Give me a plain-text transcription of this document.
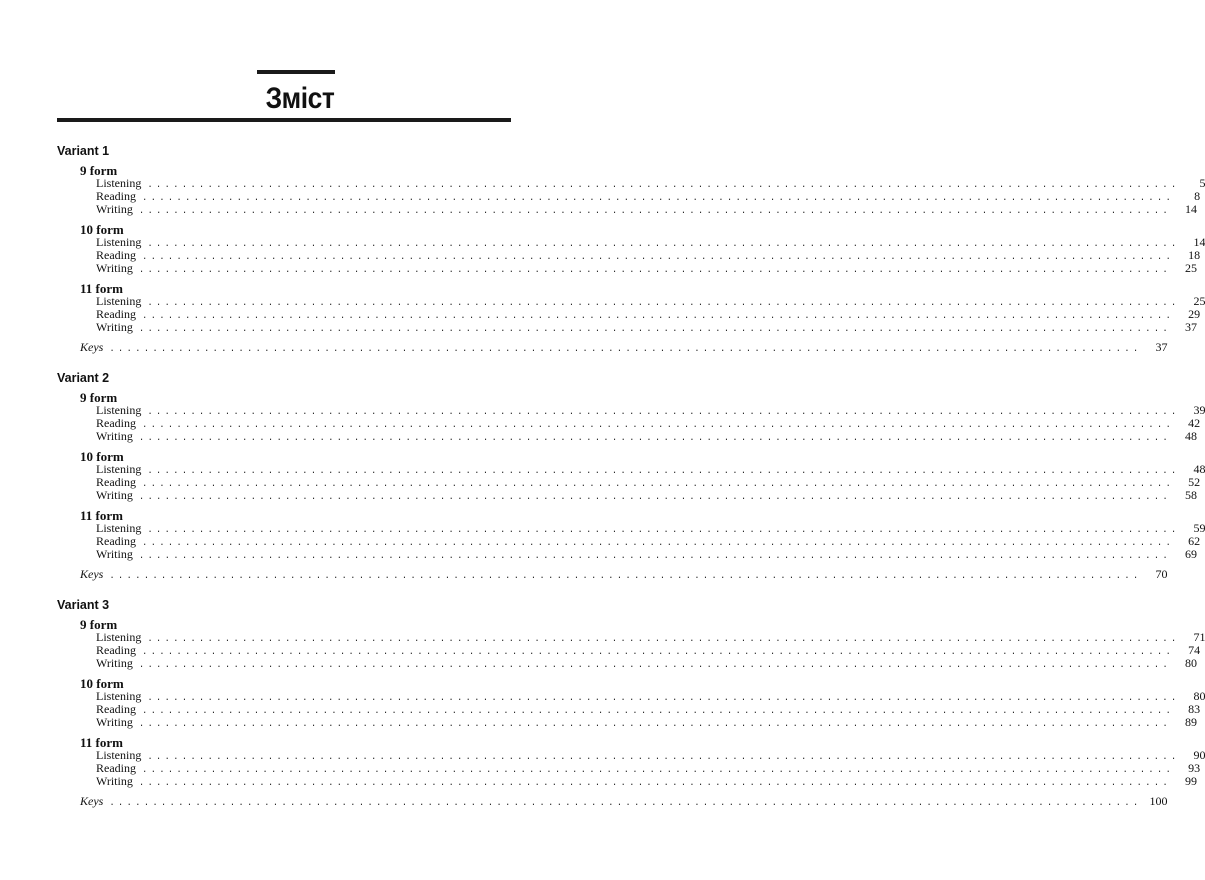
Зміст
Variant 1
9 form
Listening ........................................................................................................................	5
Reading ........................................................................................................................	8
Writing ........................................................................................................................	14
10 form
Listening ........................................................................................................................	14
Reading ........................................................................................................................	18
Writing ........................................................................................................................	25
11 form
Listening ........................................................................................................................	25
Reading ........................................................................................................................	29
Writing ........................................................................................................................	37
Keys ........................................................................................................................	37
Variant 2
9 form
Listening ........................................................................................................................	39
Reading ........................................................................................................................	42
Writing ........................................................................................................................	48
10 form
Listening ........................................................................................................................	48
Reading ........................................................................................................................	52
Writing ........................................................................................................................	58
11 form
Listening ........................................................................................................................	59
Reading ........................................................................................................................	62
Writing ........................................................................................................................	69
Keys ........................................................................................................................	70
Variant 3
9 form
Listening ........................................................................................................................	71
Reading ........................................................................................................................	74
Writing ........................................................................................................................	80
10 form
Listening ........................................................................................................................	80
Reading ........................................................................................................................	83
Writing ........................................................................................................................	89
11 form
Listening ........................................................................................................................	90
Reading ........................................................................................................................	93
Writing ........................................................................................................................	99
Keys ........................................................................................................................ 100
